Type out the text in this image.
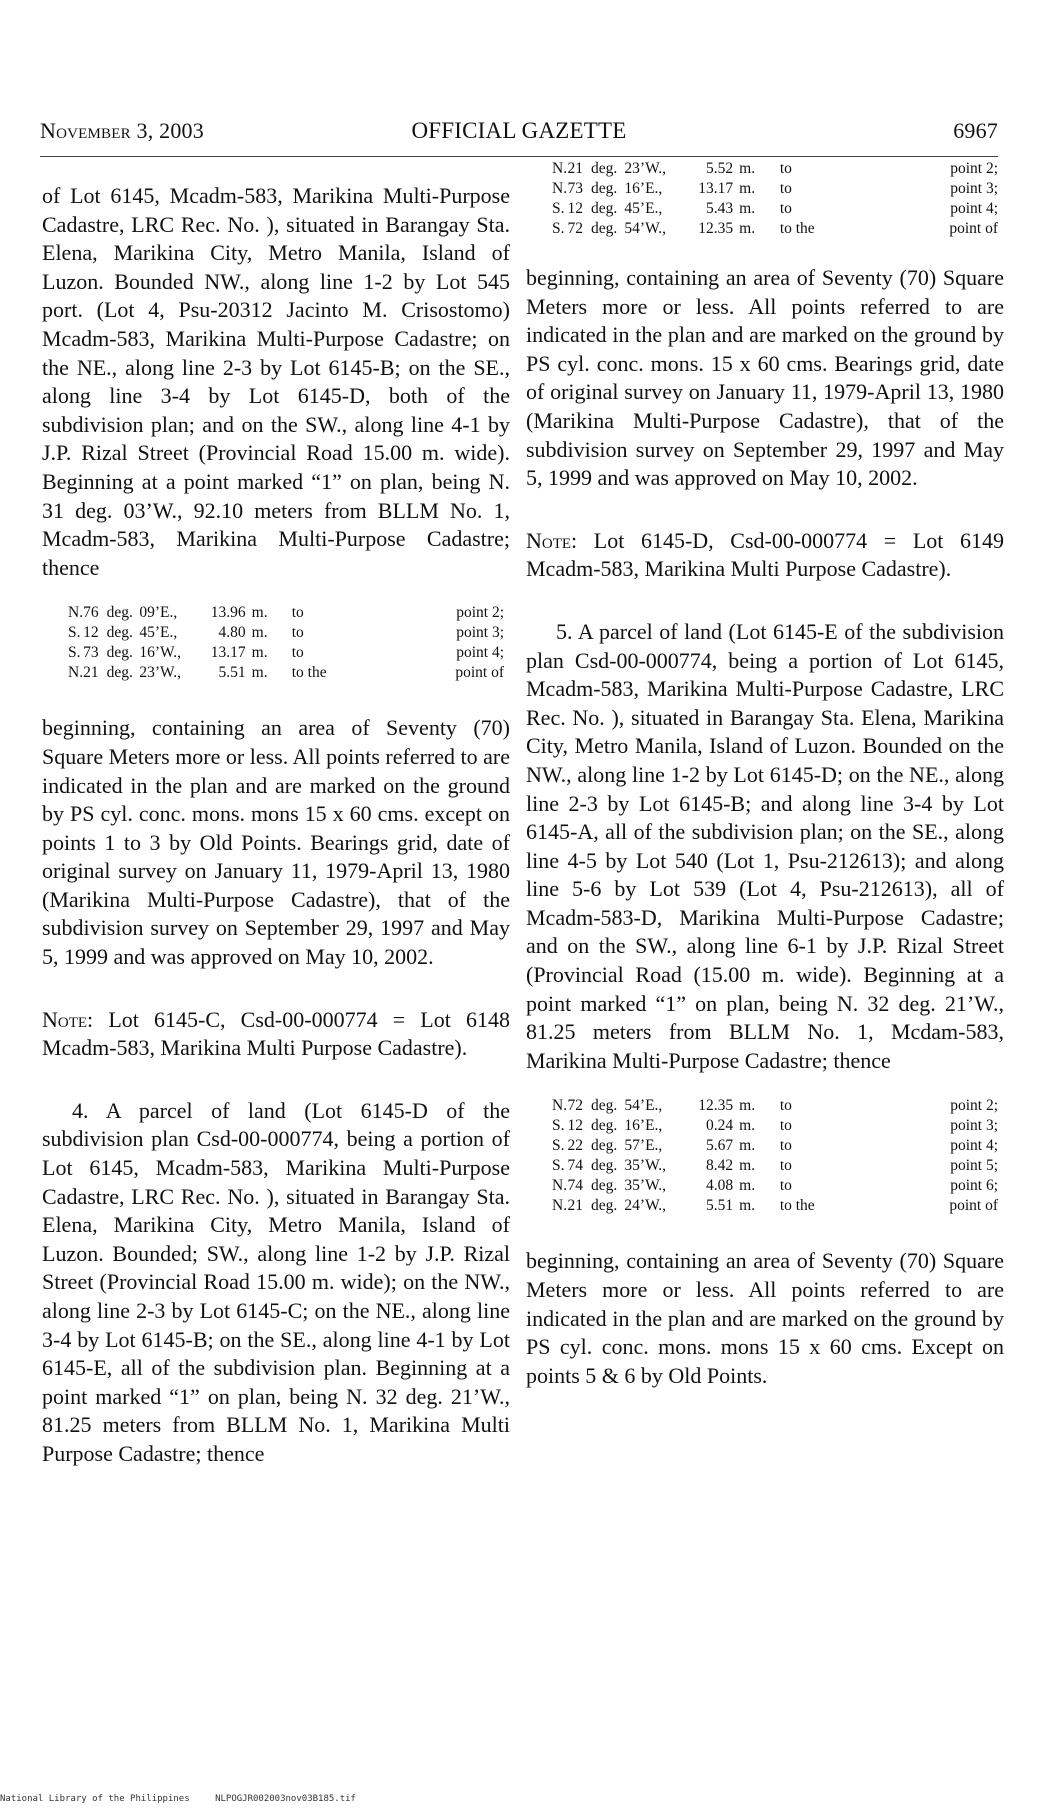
November 3, 2003	OFFICIAL GAZETTE	6967

of Lot 6145, Mcadm-583, Marikina Multi-Purpose Cadastre, LRC Rec. No. ), situated in Barangay Sta. Elena, Marikina City, Metro Manila, Island of Luzon. Bounded NW., along line 1-2 by Lot 545 port. (Lot 4, Psu-20312 Jacinto M. Crisostomo) Mcadm-583, Marikina Multi-Purpose Cadastre; on the NE., along line 2-3 by Lot 6145-B; on the SE., along line 3-4 by Lot 6145-D, both of the subdivision plan; and on the SW., along line 4-1 by J.P. Rizal Street (Provincial Road 15.00 m. wide). Beginning at a point marked “1” on plan, being N. 31 deg. 03’W., 92.10 meters from BLLM No. 1, Mcadm-583, Marikina Multi-Purpose Cadastre; thence

N.	76	deg.	09’E.,	13.96	m.	to	point 2;
S.	12	deg.	45’E.,	4.80	m.	to	point 3;
S.	73	deg.	16’W.,	13.17	m.	to	point 4;
N.	21	deg.	23’W.,	5.51	m.	to the	point of

beginning, containing an area of Seventy (70) Square Meters more or less. All points referred to are indicated in the plan and are marked on the ground by PS cyl. conc. mons. mons 15 x 60 cms. except on points 1 to 3 by Old Points. Bearings grid, date of original survey on January 11, 1979-April 13, 1980 (Marikina Multi-Purpose Cadastre), that of the subdivision survey on September 29, 1997 and May 5, 1999 and was approved on May 10, 2002.

Note: Lot 6145-C, Csd-00-000774 = Lot 6148 Mcadm-583, Marikina Multi Purpose Cadastre).

4. A parcel of land (Lot 6145-D of the subdivision plan Csd-00-000774, being a portion of Lot 6145, Mcadm-583, Marikina Multi-Purpose Cadastre, LRC Rec. No. ), situated in Barangay Sta. Elena, Marikina City, Metro Manila, Island of Luzon. Bounded; SW., along line 1-2 by J.P. Rizal Street (Provincial Road 15.00 m. wide); on the NW., along line 2-3 by Lot 6145-C; on the NE., along line 3-4 by Lot 6145-B; on the SE., along line 4-1 by Lot 6145-E, all of the subdivision plan. Beginning at a point marked “1” on plan, being N. 32 deg. 21’W., 81.25 meters from BLLM No. 1, Marikina Multi Purpose Cadastre; thence

N.	21	deg.	23’W.,	5.52	m.	to	point 2;
N.	73	deg.	16’E.,	13.17	m.	to	point 3;
S.	12	deg.	45’E.,	5.43	m.	to	point 4;
S.	72	deg.	54’W.,	12.35	m.	to the	point of

beginning, containing an area of Seventy (70) Square Meters more or less. All points referred to are indicated in the plan and are marked on the ground by PS cyl. conc. mons. 15 x 60 cms. Bearings grid, date of original survey on January 11, 1979-April 13, 1980 (Marikina Multi-Purpose Cadastre), that of the subdivision survey on September 29, 1997 and May 5, 1999 and was approved on May 10, 2002.

Note: Lot 6145-D, Csd-00-000774 = Lot 6149 Mcadm-583, Marikina Multi Purpose Cadastre).

5. A parcel of land (Lot 6145-E of the subdivision plan Csd-00-000774, being a portion of Lot 6145, Mcadm-583, Marikina Multi-Purpose Cadastre, LRC Rec. No. ), situated in Barangay Sta. Elena, Marikina City, Metro Manila, Island of Luzon. Bounded on the NW., along line 1-2 by Lot 6145-D; on the NE., along line 2-3 by Lot 6145-B; and along line 3-4 by Lot 6145-A, all of the subdivision plan; on the SE., along line 4-5 by Lot 540 (Lot 1, Psu-212613); and along line 5-6 by Lot 539 (Lot 4, Psu-212613), all of Mcadm-583-D, Marikina Multi-Purpose Cadastre; and on the SW., along line 6-1 by J.P. Rizal Street (Provincial Road (15.00 m. wide). Beginning at a point marked “1” on plan, being N. 32 deg. 21’W., 81.25 meters from BLLM No. 1, Mcdam-583, Marikina Multi-Purpose Cadastre; thence

N.	72	deg.	54’E.,	12.35	m.	to	point 2;
S.	12	deg.	16’E.,	0.24	m.	to	point 3;
S.	22	deg.	57’E.,	5.67	m.	to	point 4;
S.	74	deg.	35’W.,	8.42	m.	to	point 5;
N.	74	deg.	35’W.,	4.08	m.	to	point 6;
N.	21	deg.	24’W.,	5.51	m.	to the	point of

beginning, containing an area of Seventy (70) Square Meters more or less. All points referred to are indicated in the plan and are marked on the ground by PS cyl. conc. mons. mons 15 x 60 cms. Except on points 5 & 6 by Old Points.

National Library of the Philippines	NLPOGJR002003nov03B185.tif
